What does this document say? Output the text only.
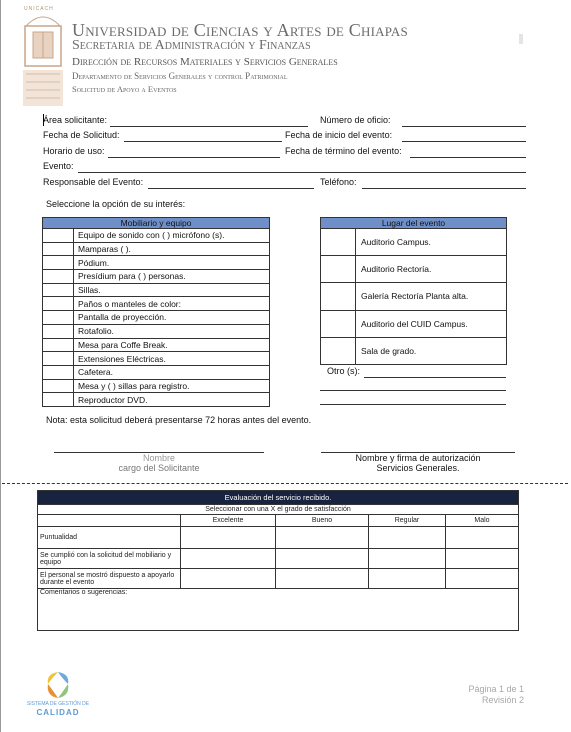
UNICACH
Universidad de Ciencias y Artes de Chiapas
Secretaria de Administración y Finanzas
Dirección de Recursos Materiales y Servicios Generales
Departamento de Servicios Generales y control Patrimonial
Solicitud de Apoyo a Eventos
Área solicitante:	Número de oficio:
Fecha de Solicitud:	Fecha de inicio del evento:
Horario de uso:	Fecha de término del evento:
Evento:
Responsable del Evento:	Teléfono:
Seleccione la opción de su interés:
Mobiliario y equipo	
	Equipo de sonido con ( ) micrófono (s).
	Mamparas ( ).
	Pódium.
	Presídium para ( ) personas.
	Sillas.
	Paños o manteles de color:
	Pantalla de proyección.
	Rotafolio.
	Mesa para Coffe Break.
	Extensiones Eléctricas.
	Cafetera.
	Mesa y ( ) sillas para registro.
	Reproductor DVD.
Lugar del evento	
	Auditorio Campus.
	Auditorio Rectoría.
	Galería Rectoría Planta alta.
	Auditorio del CUID Campus.
	Sala de grado.
Otro (s):
Nota: esta solicitud deberá presentarse 72 horas antes del evento.
Nombre
cargo del Solicitante
Nombre y firma de autorización
Servicios Generales.
Evaluación del servicio recibido.				
Seleccionar con una X el grado de satisfacción				
	Excelente	Bueno	Regular	Malo
Puntualidad				
Se cumplió con la solicitud del mobiliario y equipo				
El personal se mostró dispuesto a apoyarlo durante el evento				
Comentarios o sugerencias:				
SISTEMA DE GESTIÓN DE
CALIDAD
Página 1 de 1
Revisión 2
